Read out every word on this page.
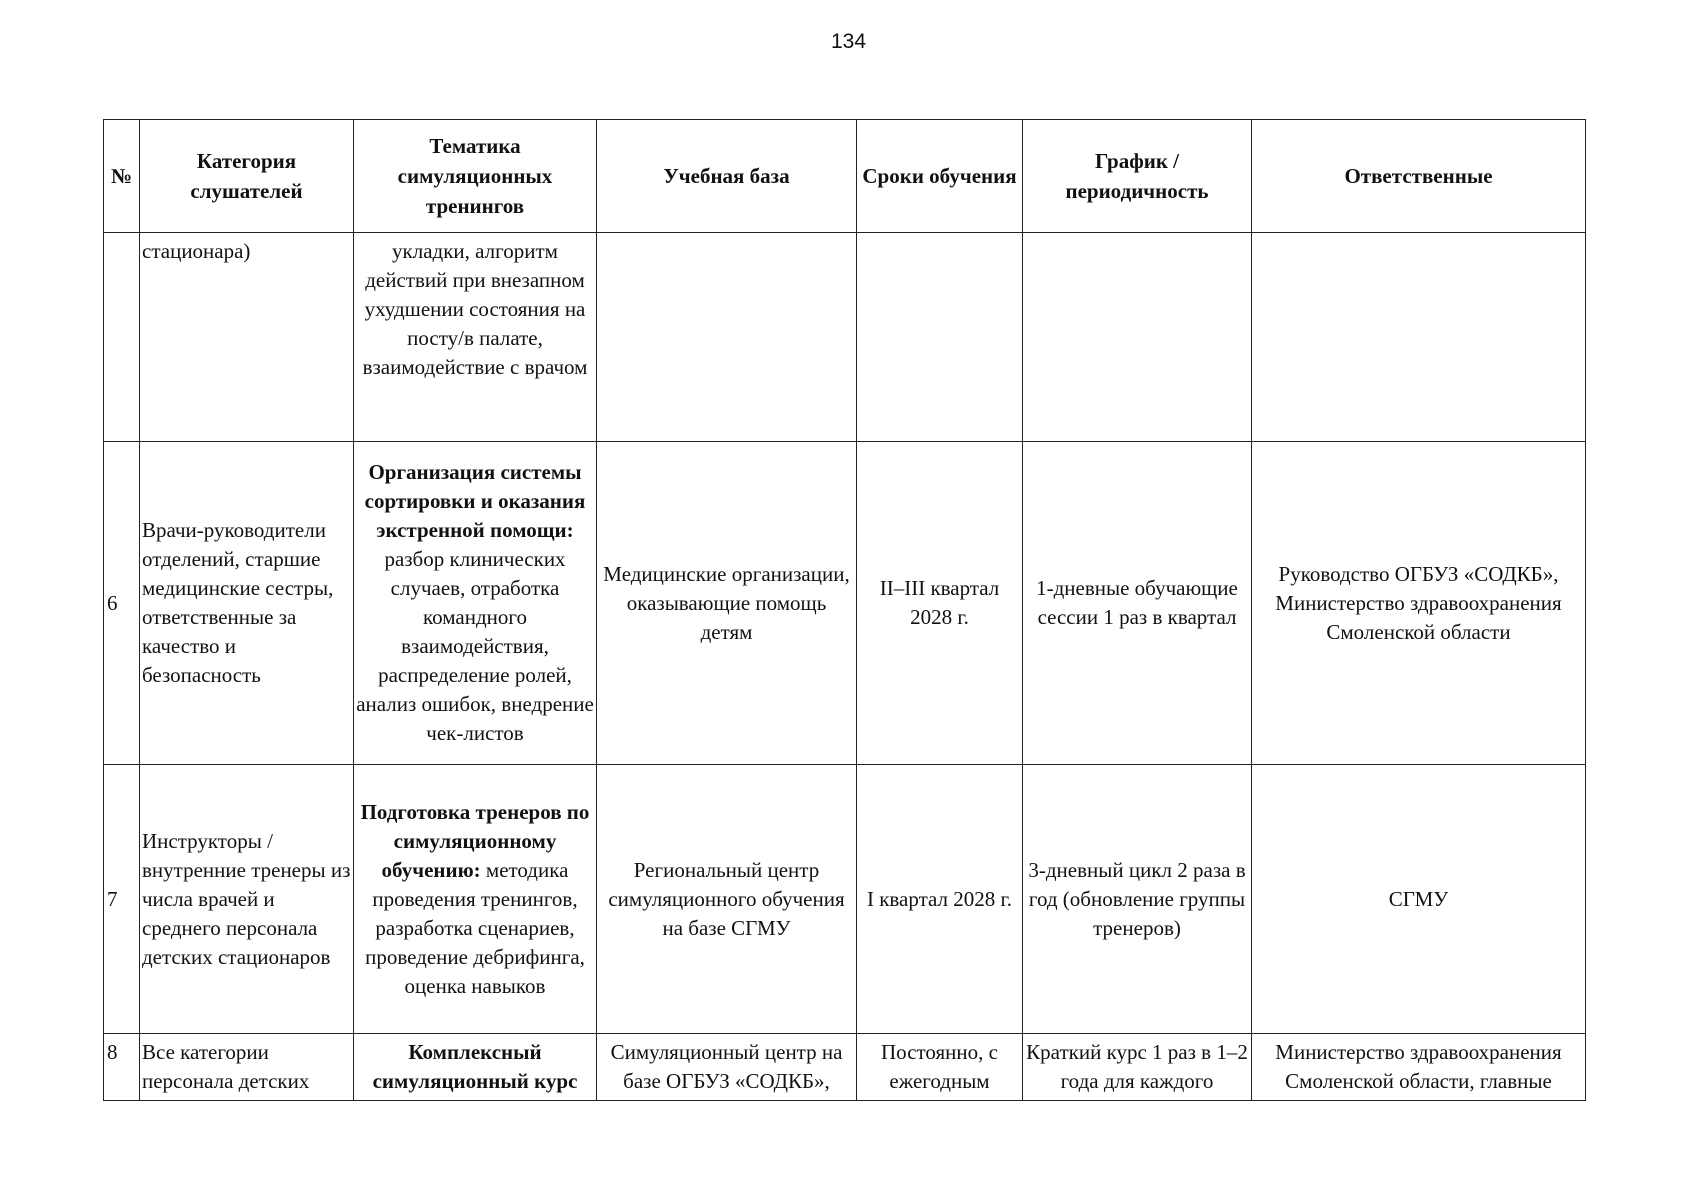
134
№	Категория слушателей	Тематика симуляционных тренингов	Учебная база	Сроки обучения	График / периодичность	Ответственные
	стационара)	укладки, алгоритм действий при внезапном ухудшении состояния на посту/в палате, взаимодействие с врачом				
6	Врачи-руководители отделений, старшие медицинские сестры, ответственные за качество и безопасность	Организация системы сортировки и оказания экстренной помощи: разбор клинических случаев, отработка командного взаимодействия, распределение ролей, анализ ошибок, внедрение чек-листов	Медицинские организации, оказывающие помощь детям	II–III квартал 2028 г.	1-дневные обучающие сессии 1 раз в квартал	Руководство ОГБУЗ «СОДКБ», Министерство здравоохранения Смоленской области
7	Инструкторы / внутренние тренеры из числа врачей и среднего персонала детских стационаров	Подготовка тренеров по симуляционному обучению: методика проведения тренингов, разработка сценариев, проведение дебрифинга, оценка навыков	Региональный центр симуляционного обучения на базе СГМУ	I квартал 2028 г.	3-дневный цикл 2 раза в год (обновление группы тренеров)	СГМУ
8	Все категории персонала детских	Комплексный симуляционный курс	Симуляционный центр на базе ОГБУЗ «СОДКБ»,	Постоянно, с ежегодным	Краткий курс 1 раз в 1–2 года для каждого	Министерство здравоохранения Смоленской области, главные
